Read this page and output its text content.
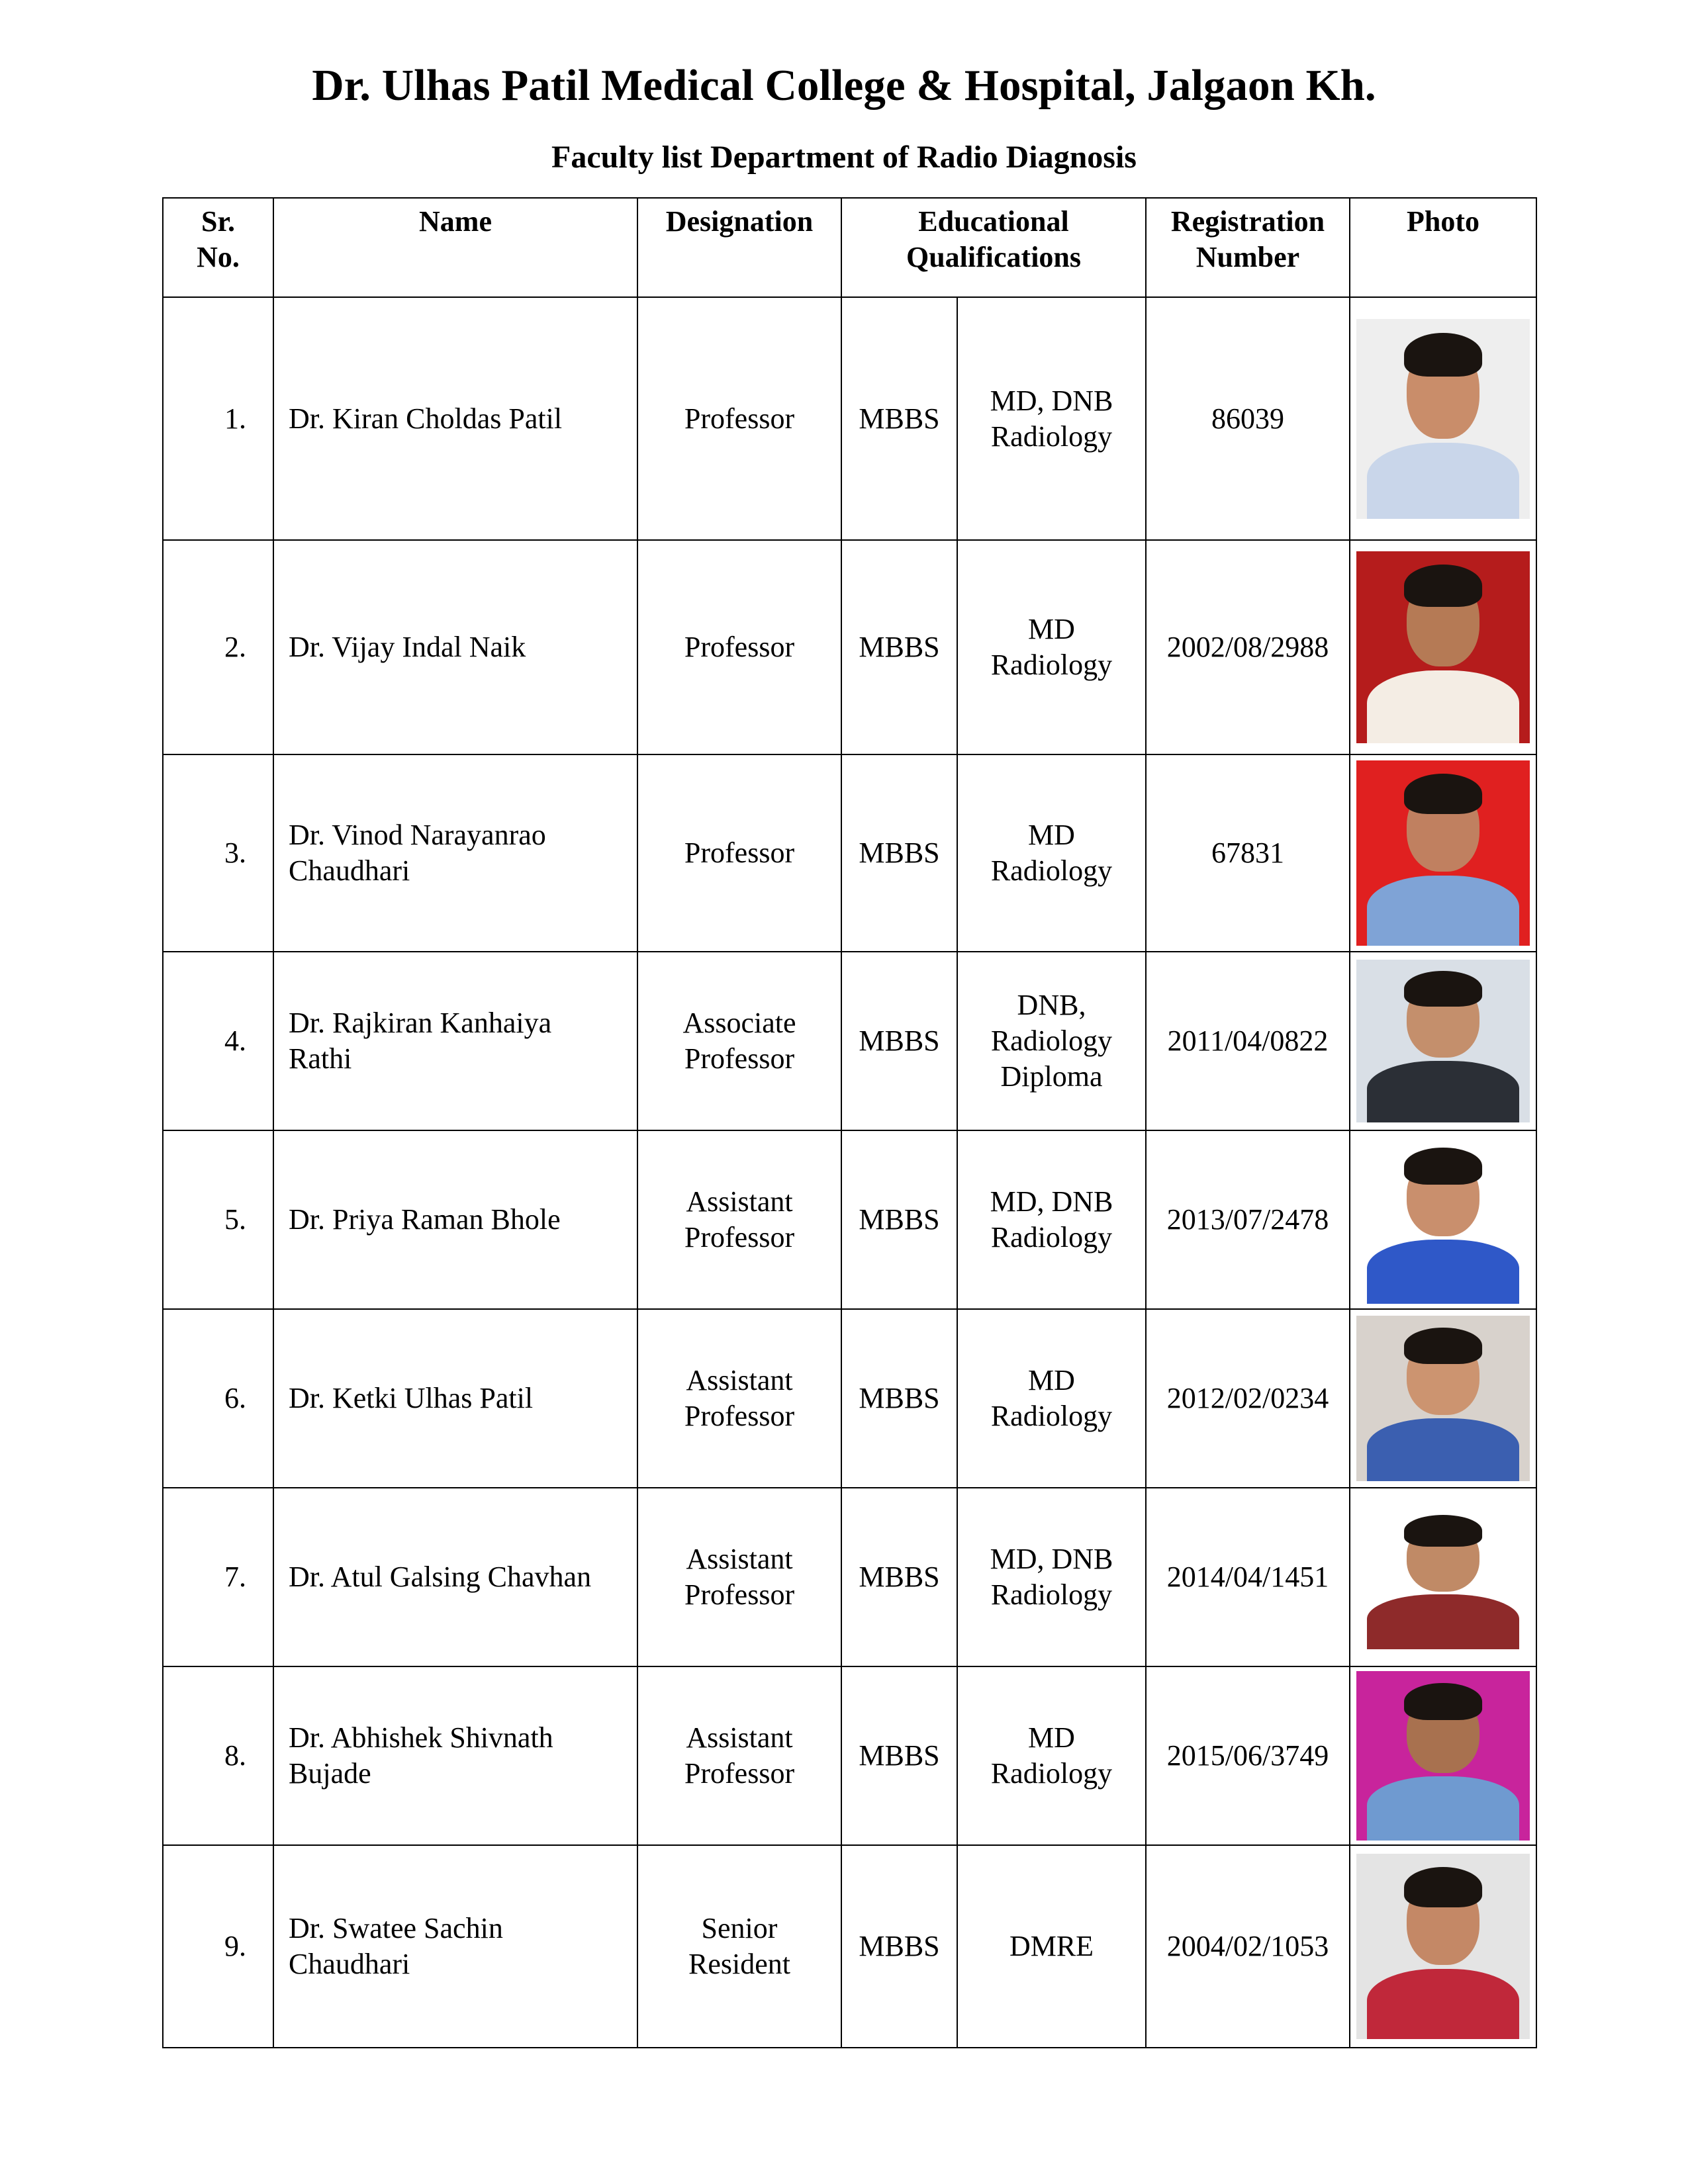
Dr. Ulhas Patil Medical College & Hospital, Jalgaon Kh.
Faculty list Department of Radio Diagnosis
Sr.
No.	Name	Designation	Educational
Qualifications		Registration
Number	Photo
1.	Dr. Kiran Choldas Patil	Professor	MBBS	MD, DNB
Radiology	86039	

2.	Dr. Vijay Indal Naik	Professor	MBBS	MD
Radiology	2002/08/2988	

3.	Dr. Vinod Narayanrao
Chaudhari	Professor	MBBS	MD
Radiology	67831	

4.	Dr. Rajkiran Kanhaiya
Rathi	Associate
Professor	MBBS	DNB,
Radiology
Diploma	2011/04/0822	

5.	Dr. Priya Raman Bhole	Assistant
Professor	MBBS	MD, DNB
Radiology	2013/07/2478	

6.	Dr. Ketki Ulhas Patil	Assistant
Professor	MBBS	MD
Radiology	2012/02/0234	

7.	Dr. Atul Galsing Chavhan	Assistant
Professor	MBBS	MD, DNB
Radiology	2014/04/1451	

8.	Dr. Abhishek Shivnath
Bujade	Assistant
Professor	MBBS	MD
Radiology	2015/06/3749	

9.	Dr. Swatee Sachin
Chaudhari	Senior
Resident	MBBS	DMRE	2004/02/1053	
